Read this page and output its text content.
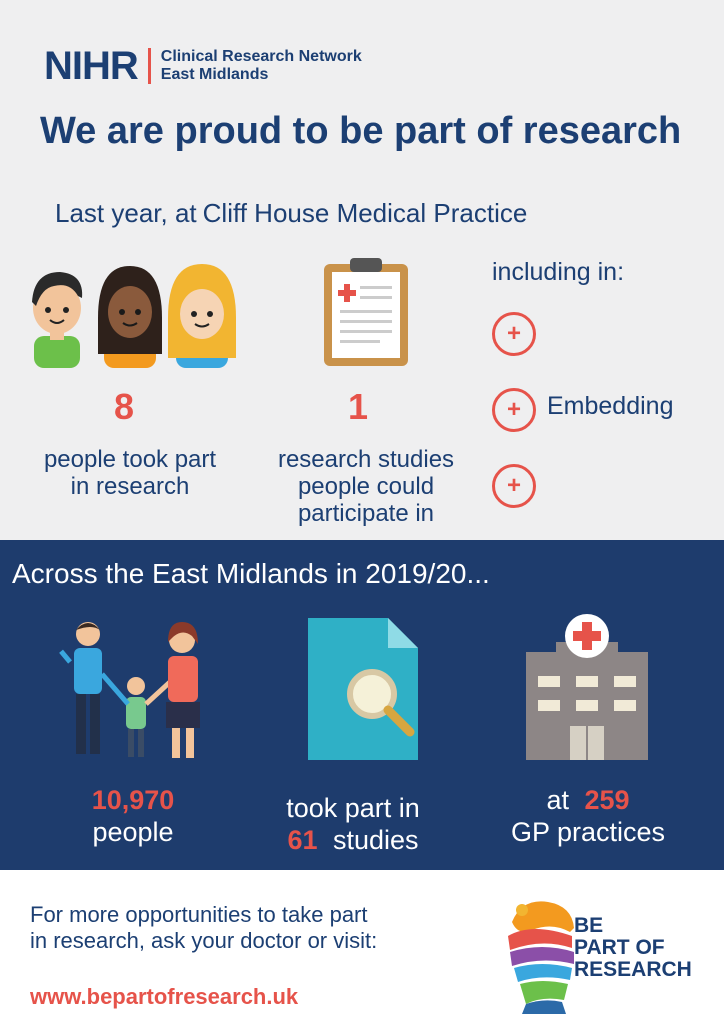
NIHR Clinical Research Network
East Midlands
We are proud to be part of research
Last year, at Cliff House Medical Practice
including in:
+
+	Embedding
+
8
people took part
in research
1
research studies
people could
participate in
Across the East Midlands in 2019/20...
10,970
people
took part in
61 studies
at 259
GP practices
For more opportunities to take part
in research, ask your doctor or visit:
www.bepartofresearch.uk
BE
PART OF
RESEARCH
